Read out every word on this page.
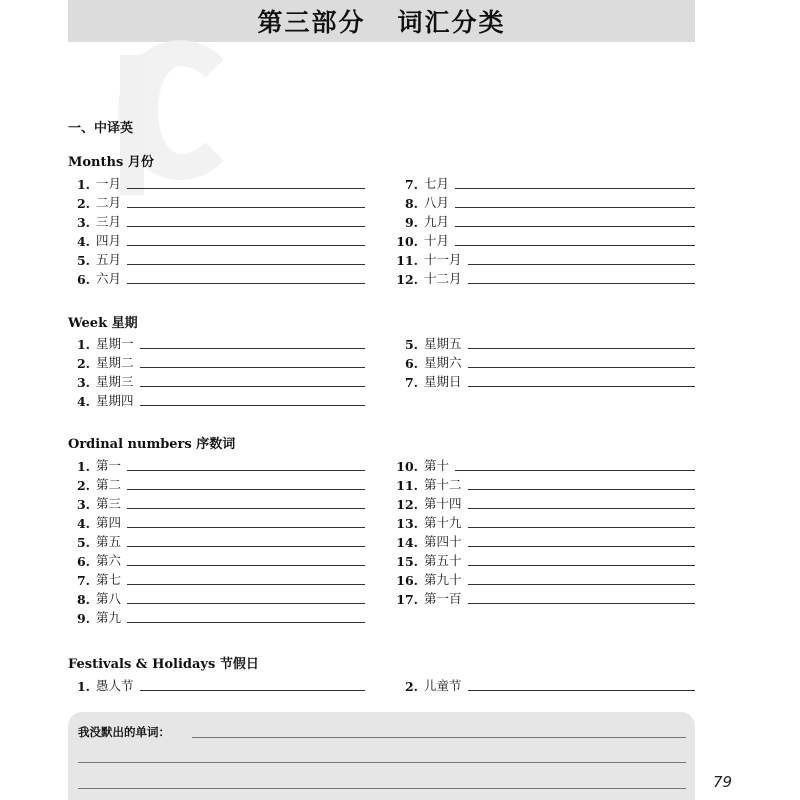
第三部分   词汇分类
一、中译英
Months 月份
1. 一月
2. 二月
3. 三月
4. 四月
5. 五月
6. 六月
7. 七月
8. 八月
9. 九月
10. 十月
11. 十一月
12. 十二月
Week 星期
1. 星期一
2. 星期二
3. 星期三
4. 星期四
5. 星期五
6. 星期六
7. 星期日
Ordinal numbers 序数词
1. 第一
2. 第二
3. 第三
4. 第四
5. 第五
6. 第六
7. 第七
8. 第八
9. 第九
10. 第十
11. 第十二
12. 第十四
13. 第十九
14. 第四十
15. 第五十
16. 第九十
17. 第一百
Festivals & Holidays 节假日
1. 愚人节	2. 儿童节
我没默出的单词：
79
